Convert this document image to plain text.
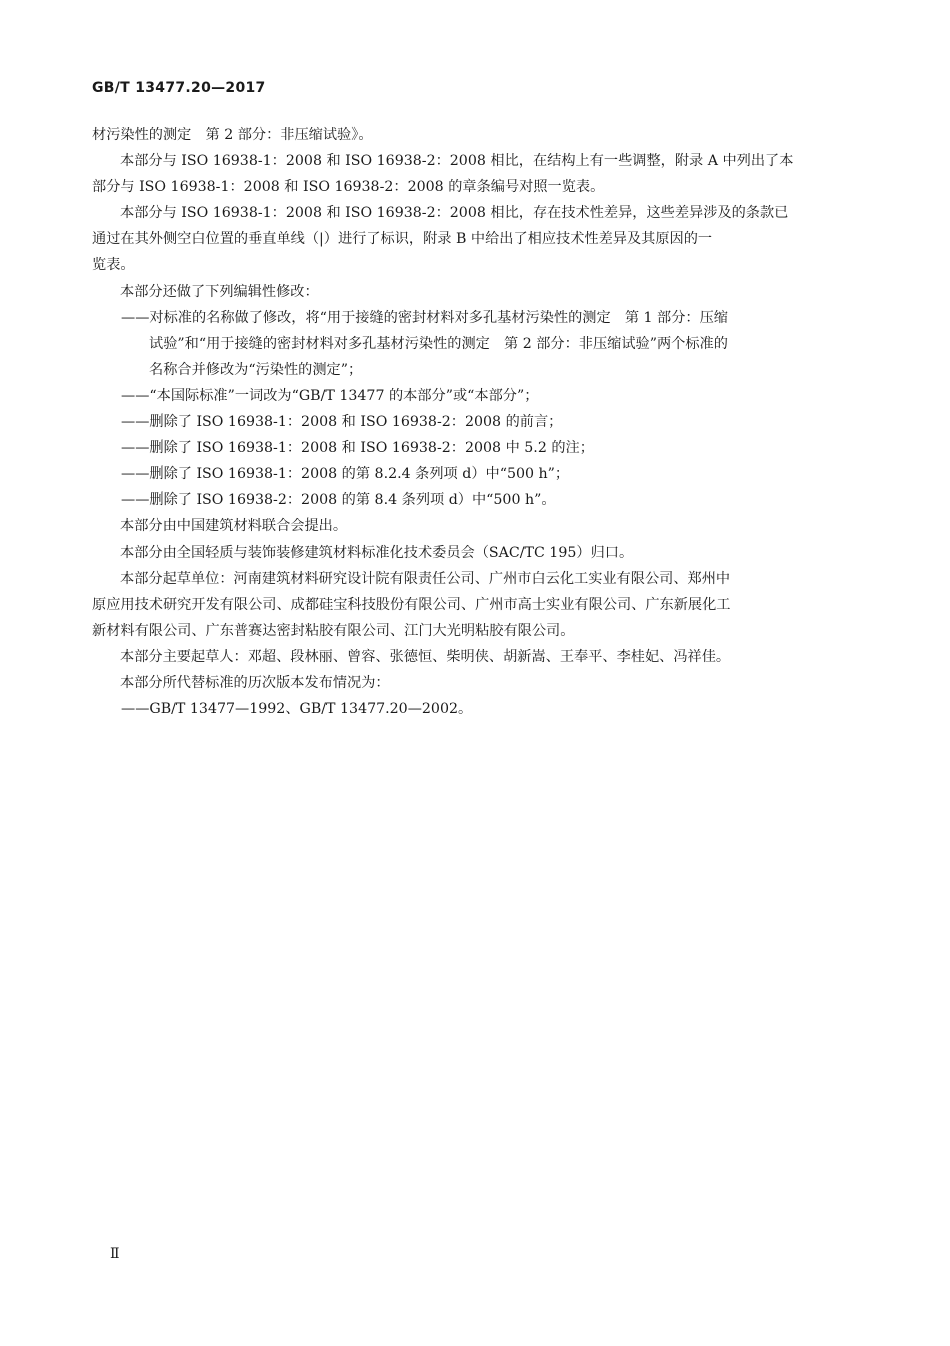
GB/T 13477.20—2017
材污染性的测定　第 2 部分：非压缩试验》。
本部分与 ISO 16938-1：2008 和 ISO 16938-2：2008 相比，在结构上有一些调整，附录 A 中列出了本
部分与 ISO 16938-1：2008 和 ISO 16938-2：2008 的章条编号对照一览表。
本部分与 ISO 16938-1：2008 和 ISO 16938-2：2008 相比，存在技术性差异，这些差异涉及的条款已
通过在其外侧空白位置的垂直单线（|）进行了标识，附录 B 中给出了相应技术性差异及其原因的一
览表。
本部分还做了下列编辑性修改：
——对标准的名称做了修改，将“用于接缝的密封材料对多孔基材污染性的测定　第 1 部分：压缩
试验”和“用于接缝的密封材料对多孔基材污染性的测定　第 2 部分：非压缩试验”两个标准的
名称合并修改为“污染性的测定”；
——“本国际标准”一词改为“GB/T 13477 的本部分”或“本部分”；
——删除了 ISO 16938-1：2008 和 ISO 16938-2：2008 的前言；
——删除了 ISO 16938-1：2008 和 ISO 16938-2：2008 中 5.2 的注；
——删除了 ISO 16938-1：2008 的第 8.2.4 条列项 d）中“500 h”；
——删除了 ISO 16938-2：2008 的第 8.4 条列项 d）中“500 h”。
本部分由中国建筑材料联合会提出。
本部分由全国轻质与装饰装修建筑材料标准化技术委员会（SAC/TC 195）归口。
本部分起草单位：河南建筑材料研究设计院有限责任公司、广州市白云化工实业有限公司、郑州中
原应用技术研究开发有限公司、成都硅宝科技股份有限公司、广州市高士实业有限公司、广东新展化工
新材料有限公司、广东普赛达密封粘胶有限公司、江门大光明粘胶有限公司。
本部分主要起草人：邓超、段林丽、曾容、张德恒、柴明侠、胡新嵩、王奉平、李桂妃、冯祥佳。
本部分所代替标准的历次版本发布情况为：
——GB/T 13477—1992、GB/T 13477.20—2002。
Ⅱ
